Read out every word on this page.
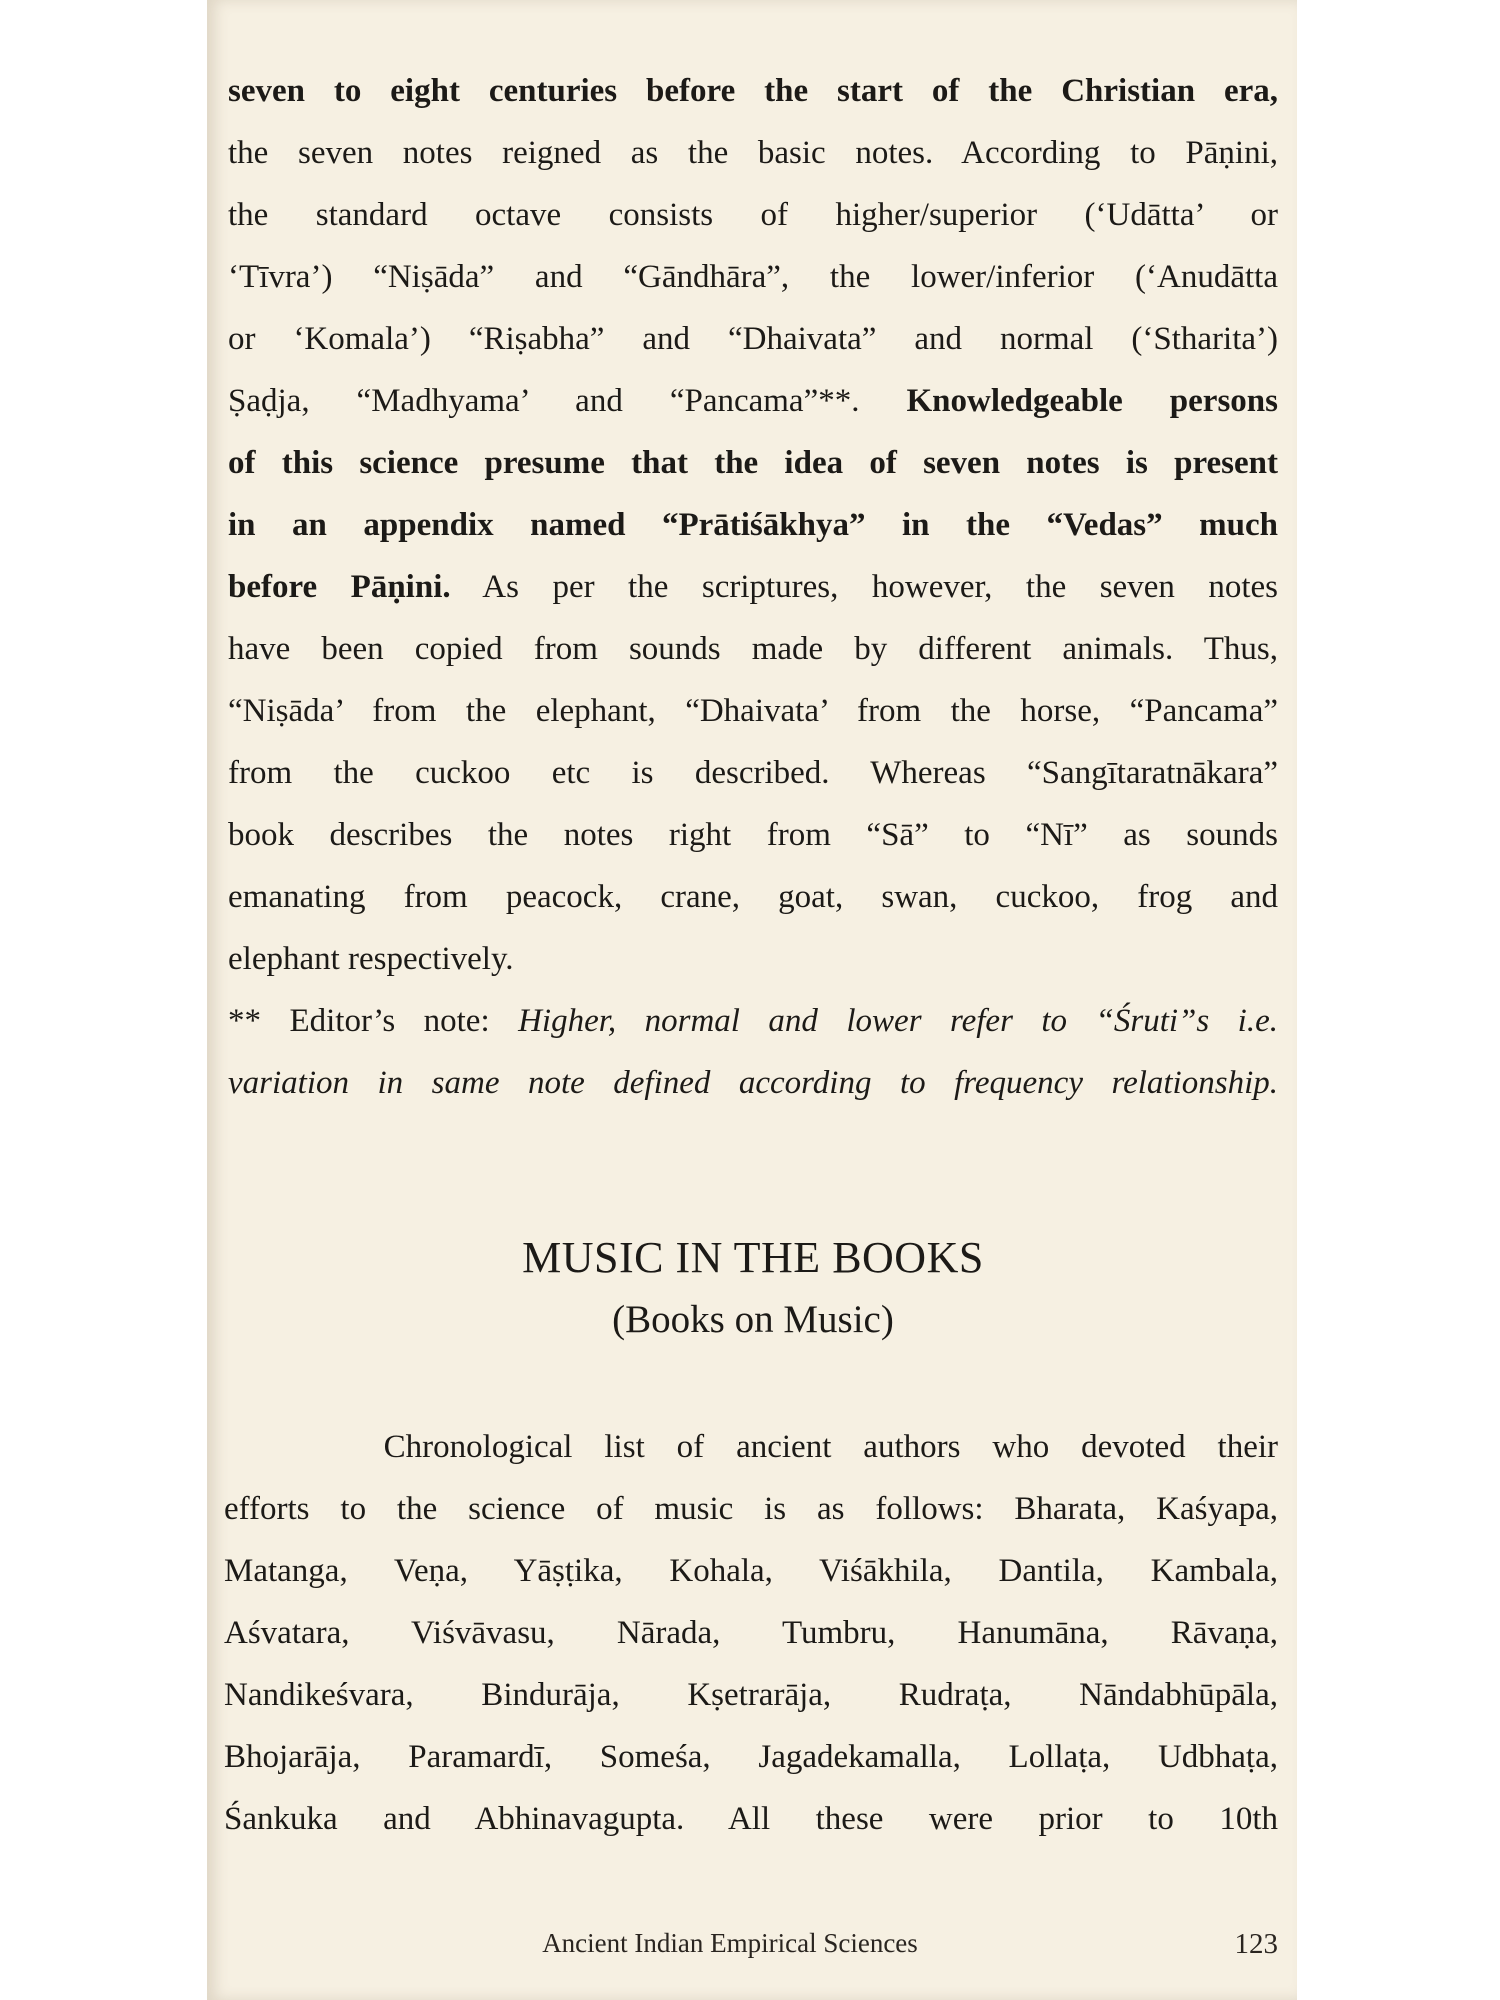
seven to eight centuries before the start of the Christian era,
the seven notes reigned as the basic notes. According to Pāṇini,
the standard octave consists of higher/superior (‘Udātta’ or
‘Tīvra’) “Niṣāda” and “Gāndhāra”, the lower/inferior (‘Anudātta
or ‘Komala’) “Riṣabha” and “Dhaivata” and normal (‘Stharita’)
Ṣaḍja, “Madhyama’ and “Pancama”**. Knowledgeable persons
of this science presume that the idea of seven notes is present
in an appendix named “Prātiśākhya” in the “Vedas” much
before Pāṇini. As per the scriptures, however, the seven notes
have been copied from sounds made by different animals. Thus,
“Niṣāda’ from the elephant, “Dhaivata’ from the horse, “Pancama”
from the cuckoo etc is described. Whereas “Sangītaratnākara”
book describes the notes right from “Sā” to “Nī” as sounds
emanating from peacock, crane, goat, swan, cuckoo, frog and
elephant respectively.
** Editor’s note: Higher, normal and lower refer to “Śruti”s i.e.
variation in same note defined according to frequency relationship.
MUSIC IN THE BOOKS
(Books on Music)
Chronological list of ancient authors who devoted their
efforts to the science of music is as follows: Bharata, Kaśyapa,
Matanga, Veṇa, Yāṣṭika, Kohala, Viśākhila, Dantila, Kambala,
Aśvatara, Viśvāvasu, Nārada, Tumbru, Hanumāna, Rāvaṇa,
Nandikeśvara, Bindurāja, Kṣetrarāja, Rudraṭa, Nāndabhūpāla,
Bhojarāja, Paramardī, Someśa, Jagadekamalla, Lollaṭa, Udbhaṭa,
Śankuka and Abhinavagupta. All these were prior to 10th
Ancient Indian Empirical Sciences	123
